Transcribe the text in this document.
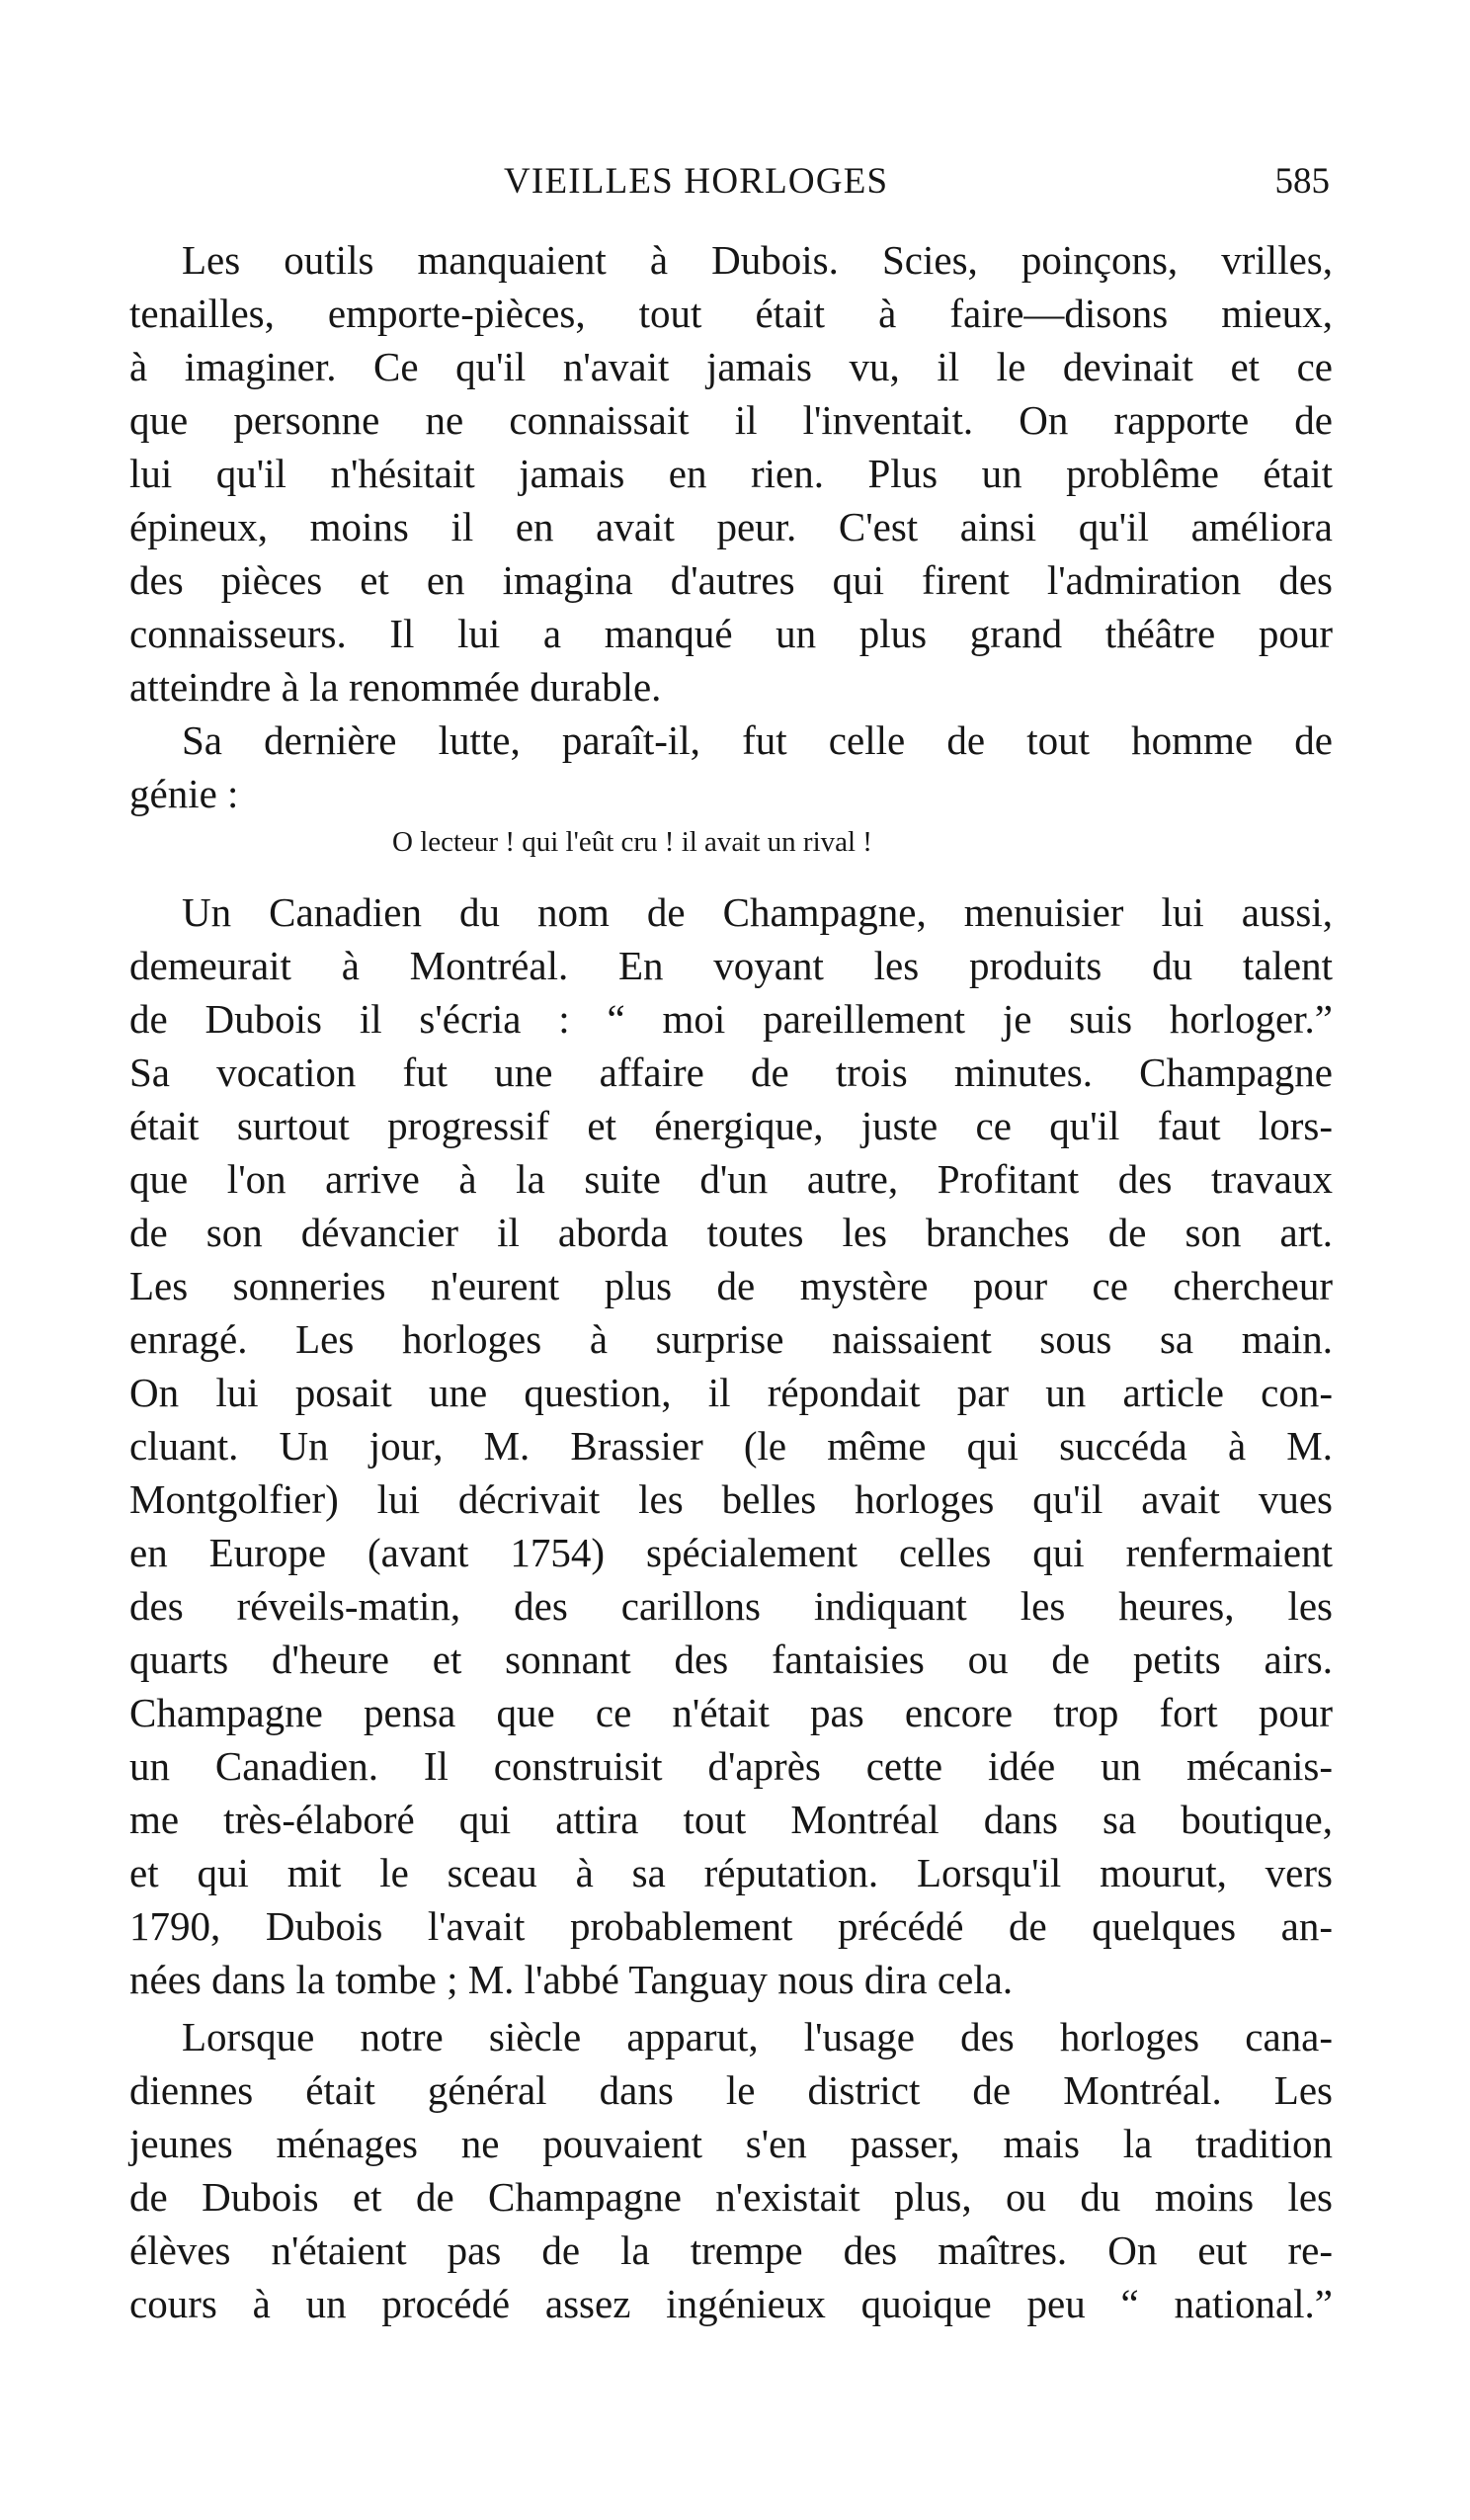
VIEILLES HORLOGES	585
Les outils manquaient à Dubois. Scies, poinçons, vrilles,
tenailles, emporte-pièces, tout était à faire—disons mieux,
à imaginer. Ce qu'il n'avait jamais vu, il le devinait et ce
que personne ne connaissait il l'inventait. On rapporte de
lui qu'il n'hésitait jamais en rien. Plus un problême était
épineux, moins il en avait peur. C'est ainsi qu'il améliora
des pièces et en imagina d'autres qui firent l'admiration des
connaisseurs. Il lui a manqué un plus grand théâtre pour
atteindre à la renommée durable.
Sa dernière lutte, paraît-il, fut celle de tout homme de
génie :
O lecteur ! qui l'eût cru ! il avait un rival !
Un Canadien du nom de Champagne, menuisier lui aussi,
demeurait à Montréal. En voyant les produits du talent
de Dubois il s'écria : “ moi pareillement je suis horloger.”
Sa vocation fut une affaire de trois minutes. Champagne
était surtout progressif et énergique, juste ce qu'il faut lors-
que l'on arrive à la suite d'un autre, Profitant des travaux
de son dévancier il aborda toutes les branches de son art.
Les sonneries n'eurent plus de mystère pour ce chercheur
enragé. Les horloges à surprise naissaient sous sa main.
On lui posait une question, il répondait par un article con-
cluant. Un jour, M. Brassier (le même qui succéda à M.
Montgolfier) lui décrivait les belles horloges qu'il avait vues
en Europe (avant 1754) spécialement celles qui renfermaient
des réveils-matin, des carillons indiquant les heures, les
quarts d'heure et sonnant des fantaisies ou de petits airs.
Champagne pensa que ce n'était pas encore trop fort pour
un Canadien. Il construisit d'après cette idée un mécanis-
me très-élaboré qui attira tout Montréal dans sa boutique,
et qui mit le sceau à sa réputation. Lorsqu'il mourut, vers
1790, Dubois l'avait probablement précédé de quelques an-
nées dans la tombe ; M. l'abbé Tanguay nous dira cela.
Lorsque notre siècle apparut, l'usage des horloges cana-
diennes était général dans le district de Montréal. Les
jeunes ménages ne pouvaient s'en passer, mais la tradition
de Dubois et de Champagne n'existait plus, ou du moins les
élèves n'étaient pas de la trempe des maîtres. On eut re-
cours à un procédé assez ingénieux quoique peu “ national.”
